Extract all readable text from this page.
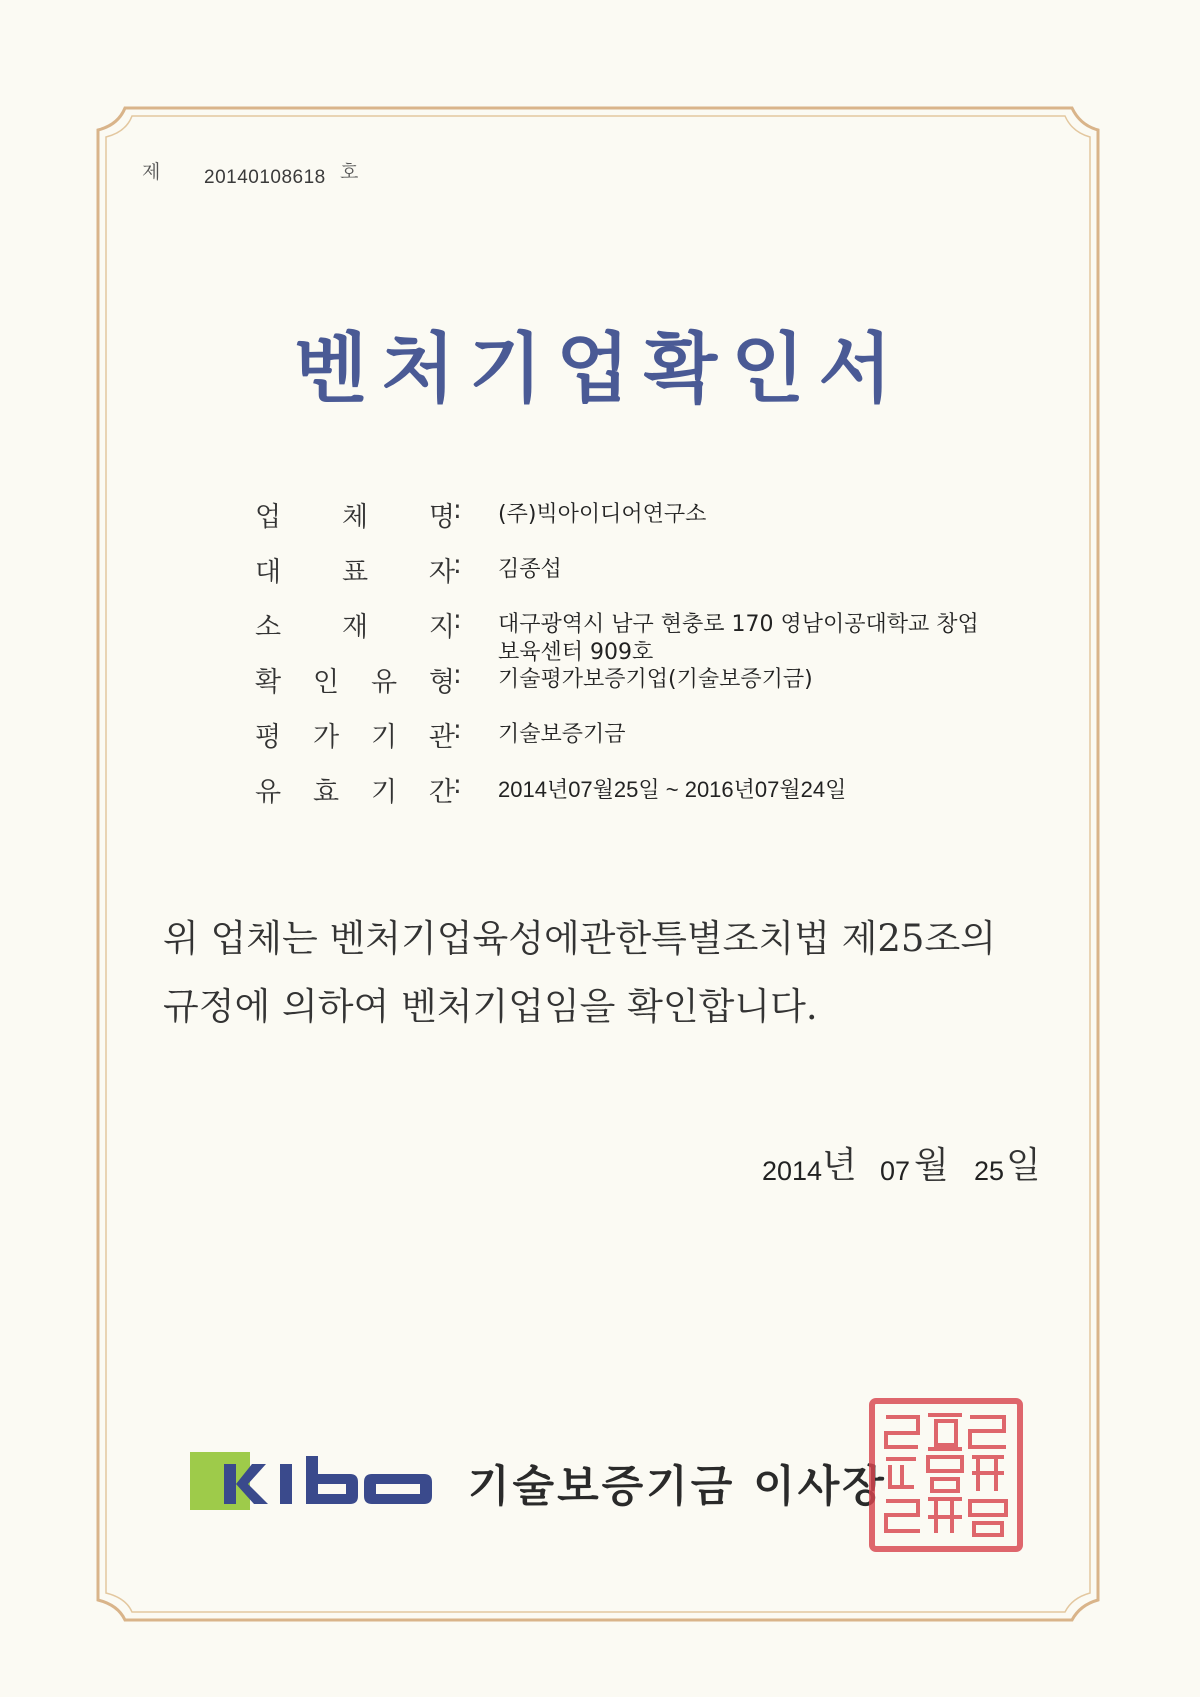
제 20140108618 호
벤처기업확인서
업 체 명
: (주)빅아이디어연구소
대 표 자
: 김종섭
소 재 지
: 대구광역시 남구 현충로 170 영남이공대학교 창업
보육센터 909호
확 인 유 형
: 기술평가보증기업(기술보증기금)
평 가 기 관
: 기술보증기금
유 효 기 간
: 2014년07월25일 ~ 2016년07월24일
위 업체는 벤처기업육성에관한특별조치법 제25조의
규정에 의하여 벤처기업임을 확인합니다.
2014 년 07 월 25 일
기술보증기금 이사장
